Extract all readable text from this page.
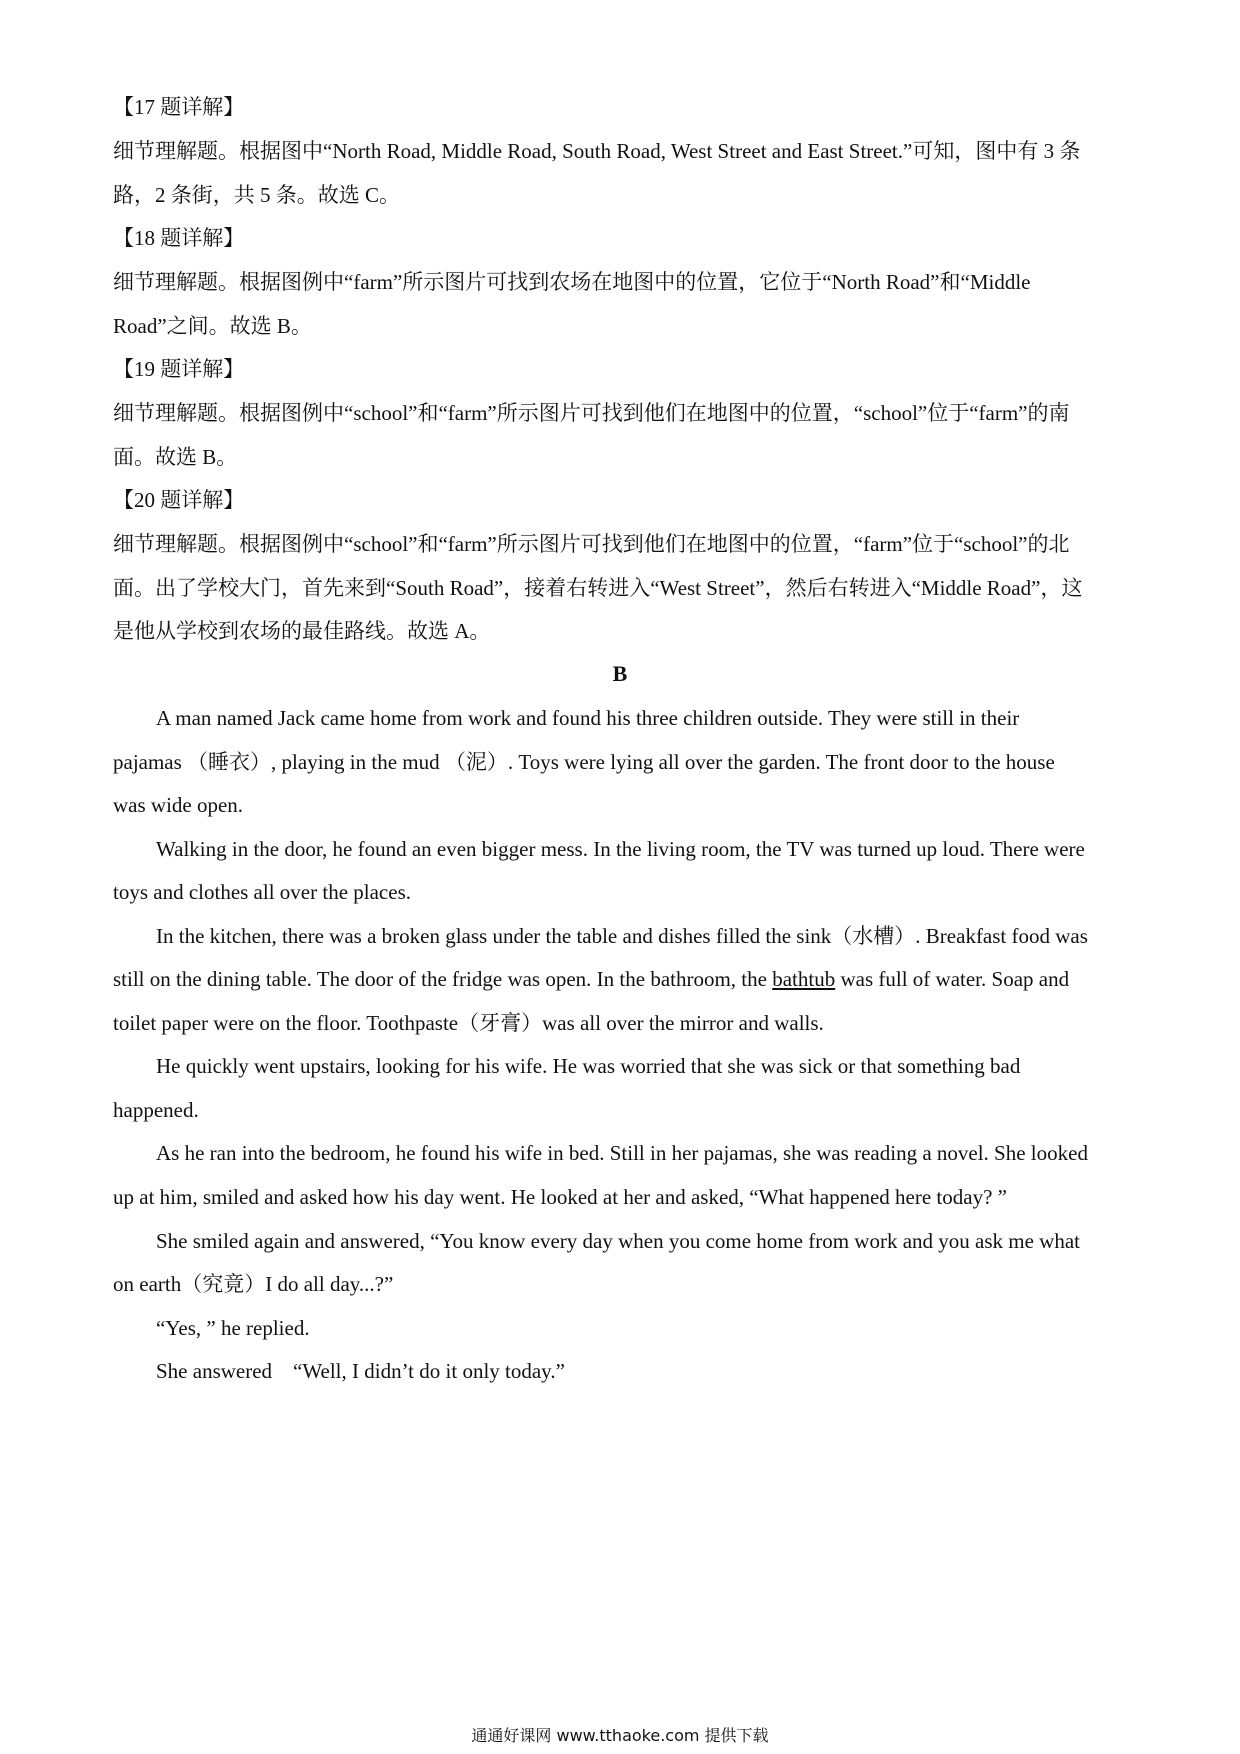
【17 题详解】
细节理解题。根据图中“North Road, Middle Road, South Road, West Street and East Street.”可知，图中有 3 条
路，2 条街，共 5 条。故选 C。
【18 题详解】
细节理解题。根据图例中“farm”所示图片可找到农场在地图中的位置，它位于“North Road”和“Middle
Road”之间。故选 B。
【19 题详解】
细节理解题。根据图例中“school”和“farm”所示图片可找到他们在地图中的位置，“school”位于“farm”的南
面。故选 B。
【20 题详解】
细节理解题。根据图例中“school”和“farm”所示图片可找到他们在地图中的位置，“farm”位于“school”的北
面。出了学校大门，首先来到“South Road”，接着右转进入“West Street”，然后右转进入“Middle Road”，这
是他从学校到农场的最佳路线。故选 A。
B
A man named Jack came home from work and found his three children outside. They were still in their
pajamas （睡衣）, playing in the mud （泥）. Toys were lying all over the garden. The front door to the house
was wide open.
Walking in the door, he found an even bigger mess. In the living room, the TV was turned up loud. There were
toys and clothes all over the places.
In the kitchen, there was a broken glass under the table and dishes filled the sink（水槽）. Breakfast food was
still on the dining table. The door of the fridge was open. In the bathroom, the bathtub was full of water. Soap and
toilet paper were on the floor. Toothpaste（牙膏）was all over the mirror and walls.
He quickly went upstairs, looking for his wife. He was worried that she was sick or that something bad
happened.
As he ran into the bedroom, he found his wife in bed. Still in her pajamas, she was reading a novel. She looked
up at him, smiled and asked how his day went. He looked at her and asked, “What happened here today? ”
She smiled again and answered, “You know every day when you come home from work and you ask me what
on earth（究竟）I do all day...?”
“Yes, ” he replied.
She answered　“Well, I didn’t do it only today.”
通通好课网 www.tthaoke.com 提供下载
